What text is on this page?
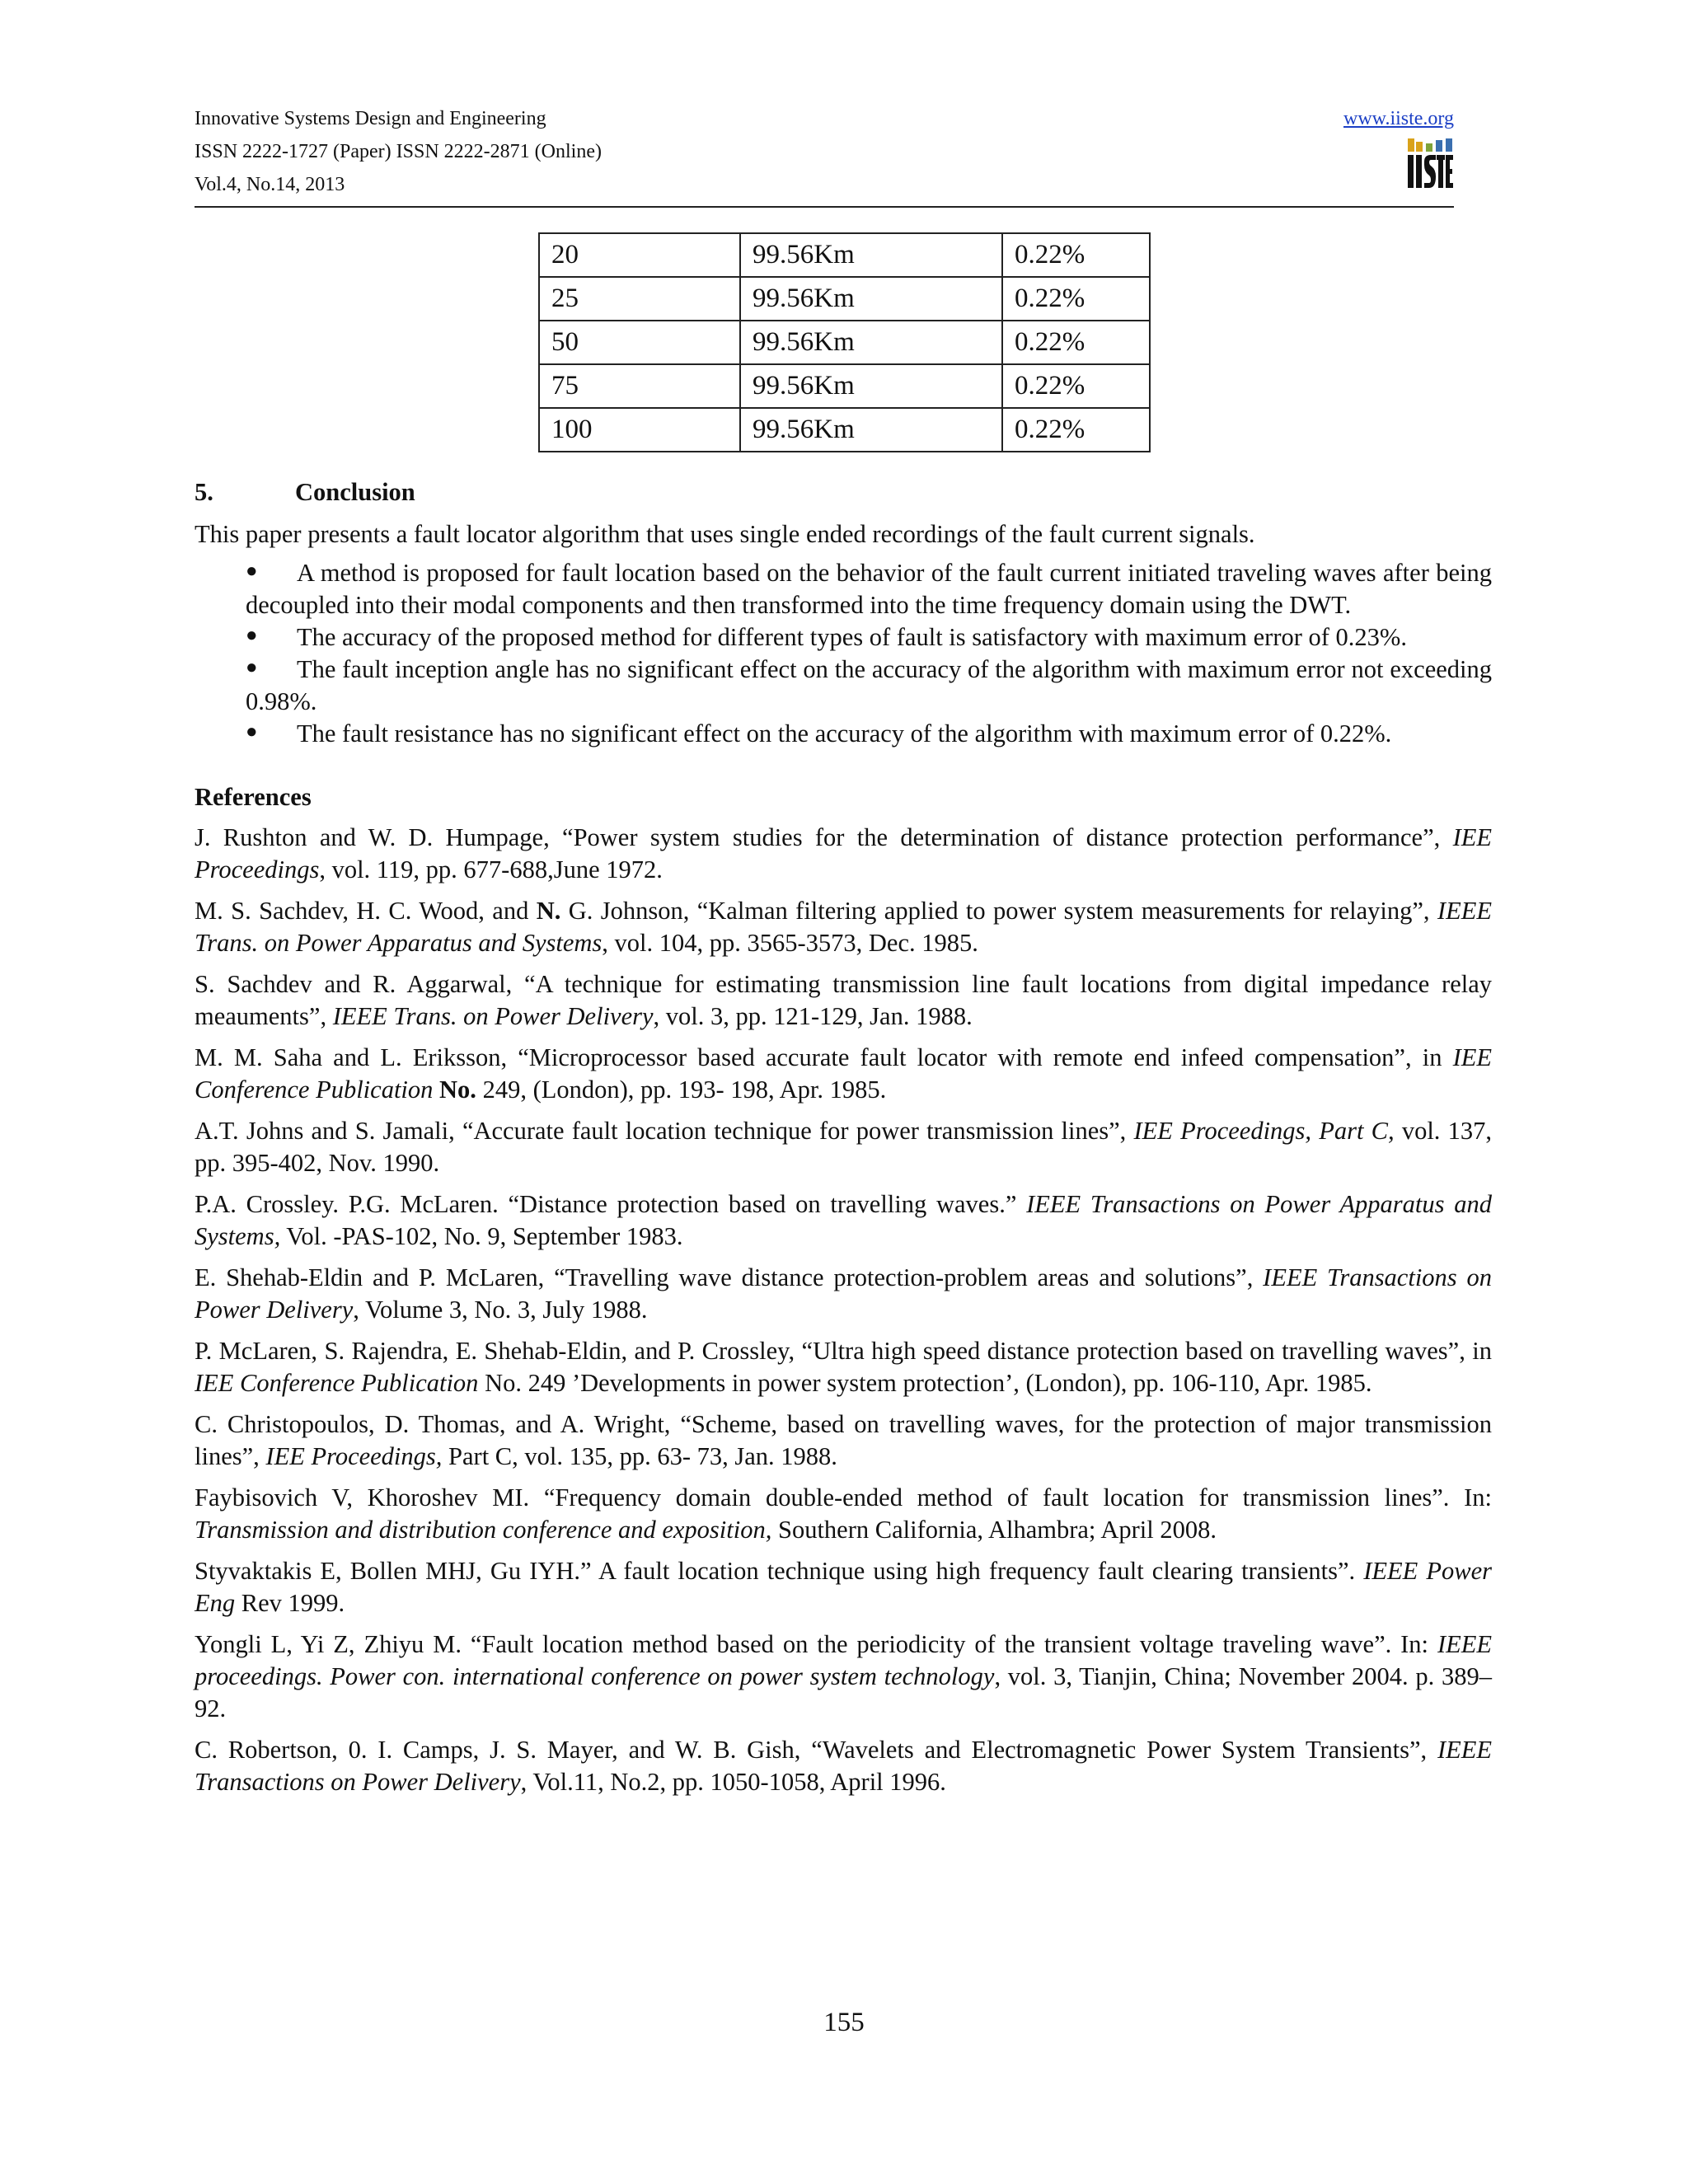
Innovative Systems Design and Engineering
ISSN 2222-1727 (Paper) ISSN 2222-2871 (Online)
Vol.4, No.14, 2013
www.iiste.org
20	99.56Km	0.22%
25	99.56Km	0.22%
50	99.56Km	0.22%
75	99.56Km	0.22%
100	99.56Km	0.22%
5.	Conclusion
This paper presents a fault locator algorithm that uses single ended recordings of the fault current signals.
● A method is proposed for fault location based on the behavior of the fault current initiated traveling waves after being decoupled into their modal components and then transformed into the time frequency domain using the DWT.
● The accuracy of the proposed method for different types of fault is satisfactory with maximum error of 0.23%.
● The fault inception angle has no significant effect on the accuracy of the algorithm with maximum error not exceeding 0.98%.
● The fault resistance has no significant effect on the accuracy of the algorithm with maximum error of 0.22%.
References
J. Rushton and W. D. Humpage, “Power system studies for the determination of distance protection performance”, IEE Proceedings, vol. 119, pp. 677-688,June 1972.
M. S. Sachdev, H. C. Wood, and N. G. Johnson, “Kalman filtering applied to power system measurements for relaying”, IEEE Trans. on Power Apparatus and Systems, vol. 104, pp. 3565-3573, Dec. 1985.
S. Sachdev and R. Aggarwal, “A technique for estimating transmission line fault locations from digital impedance relay meauments”, IEEE Trans. on Power Delivery, vol. 3, pp. 121-129, Jan. 1988.
M. M. Saha and L. Eriksson, “Microprocessor based accurate fault locator with remote end infeed compensation”, in IEE Conference Publication No. 249, (London), pp. 193- 198, Apr. 1985.
A.T. Johns and S. Jamali, “Accurate fault location technique for power transmission lines”, IEE Proceedings, Part C, vol. 137, pp. 395-402, Nov. 1990.
P.A. Crossley. P.G. McLaren. “Distance protection based on travelling waves.” IEEE Transactions on Power Apparatus and Systems, Vol. -PAS-102, No. 9, September 1983.
E. Shehab-Eldin and P. McLaren, “Travelling wave distance protection-problem areas and solutions”, IEEE Transactions on Power Delivery, Volume 3, No. 3, July 1988.
P. McLaren, S. Rajendra, E. Shehab-Eldin, and P. Crossley, “Ultra high speed distance protection based on travelling waves”, in IEE Conference Publication No. 249 ’Developments in power system protection’, (London), pp. 106-110, Apr. 1985.
C. Christopoulos, D. Thomas, and A. Wright, “Scheme, based on travelling waves, for the protection of major transmission lines”, IEE Proceedings, Part C, vol. 135, pp. 63- 73, Jan. 1988.
Faybisovich V, Khoroshev MI. “Frequency domain double-ended method of fault location for transmission lines”. In: Transmission and distribution conference and exposition, Southern California, Alhambra; April 2008.
Styvaktakis E, Bollen MHJ, Gu IYH.” A fault location technique using high frequency fault clearing transients”. IEEE Power Eng Rev 1999.
Yongli L, Yi Z, Zhiyu M. “Fault location method based on the periodicity of the transient voltage traveling wave”. In: IEEE proceedings. Power con. international conference on power system technology, vol. 3, Tianjin, China; November 2004. p. 389–92.
C. Robertson, 0. I. Camps, J. S. Mayer, and W. B. Gish, “Wavelets and Electromagnetic Power System Transients”, IEEE Transactions on Power Delivery, Vol.11, No.2, pp. 1050-1058, April 1996.
155
